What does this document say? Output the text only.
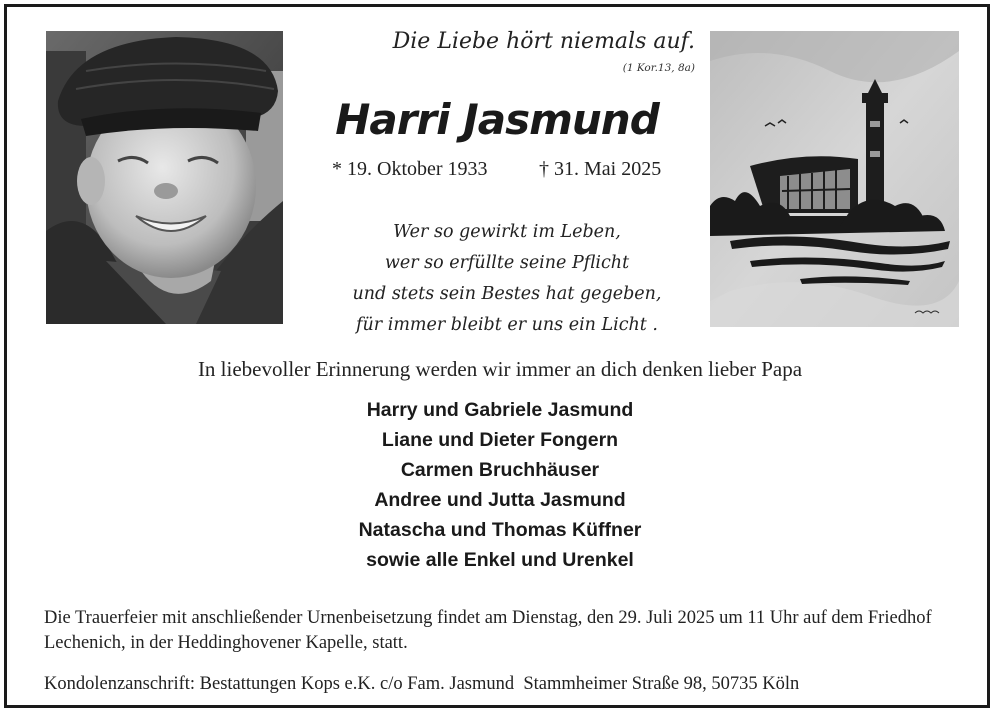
Die Liebe hört niemals auf.
(1 Kor.13, 8a)
Harri Jasmund
* 19. Oktober 1933	† 31. Mai 2025
Wer so gewirkt im Leben,
wer so erfüllte seine Pflicht
und stets sein Bestes hat gegeben,
für immer bleibt er uns ein Licht .
In liebevoller Erinnerung werden wir immer an dich denken lieber Papa
Harry und Gabriele Jasmund
Liane und Dieter Fongern
Carmen Bruchhäuser
Andree und Jutta Jasmund
Natascha und Thomas Küffner
sowie alle Enkel und Urenkel
Die Trauerfeier mit anschließender Urnenbeisetzung findet am Dienstag, den 29. Juli 2025 um 11 Uhr auf dem Friedhof Lechenich, in der Heddinghovener Kapelle, statt.
Kondolenzanschrift: Bestattungen Kops e.K. c/o Fam. Jasmund  Stammheimer Straße 98, 50735 Köln
